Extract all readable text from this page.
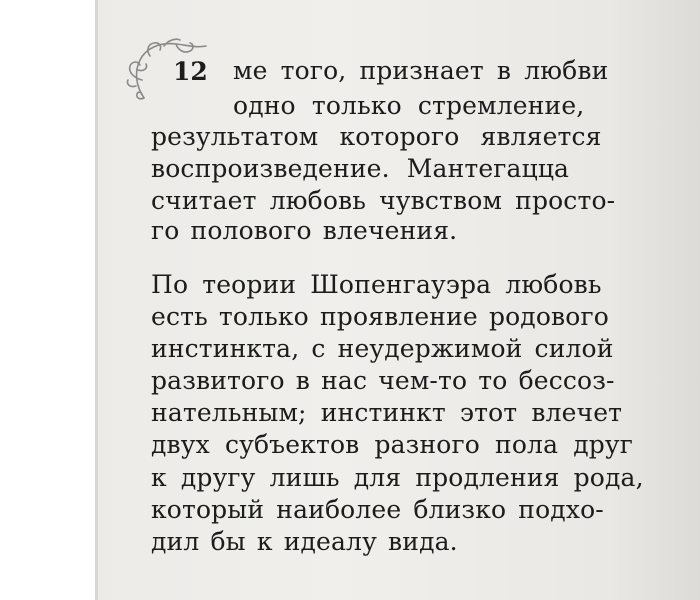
12 ме того, признает в любви
одно только стремление,
результатом которого является
воспроизведение. Мантегацца
считает любовь чувством просто-
го полового влечения.
По теории Шопенгауэра любовь
есть только проявление родового
инстинкта, с неудержимой силой
развитого в нас чем-то то бессоз-
нательным; инстинкт этот влечет
двух субъектов разного пола друг
к другу лишь для продления рода,
который наиболее близко подхо-
дил бы к идеалу вида.
